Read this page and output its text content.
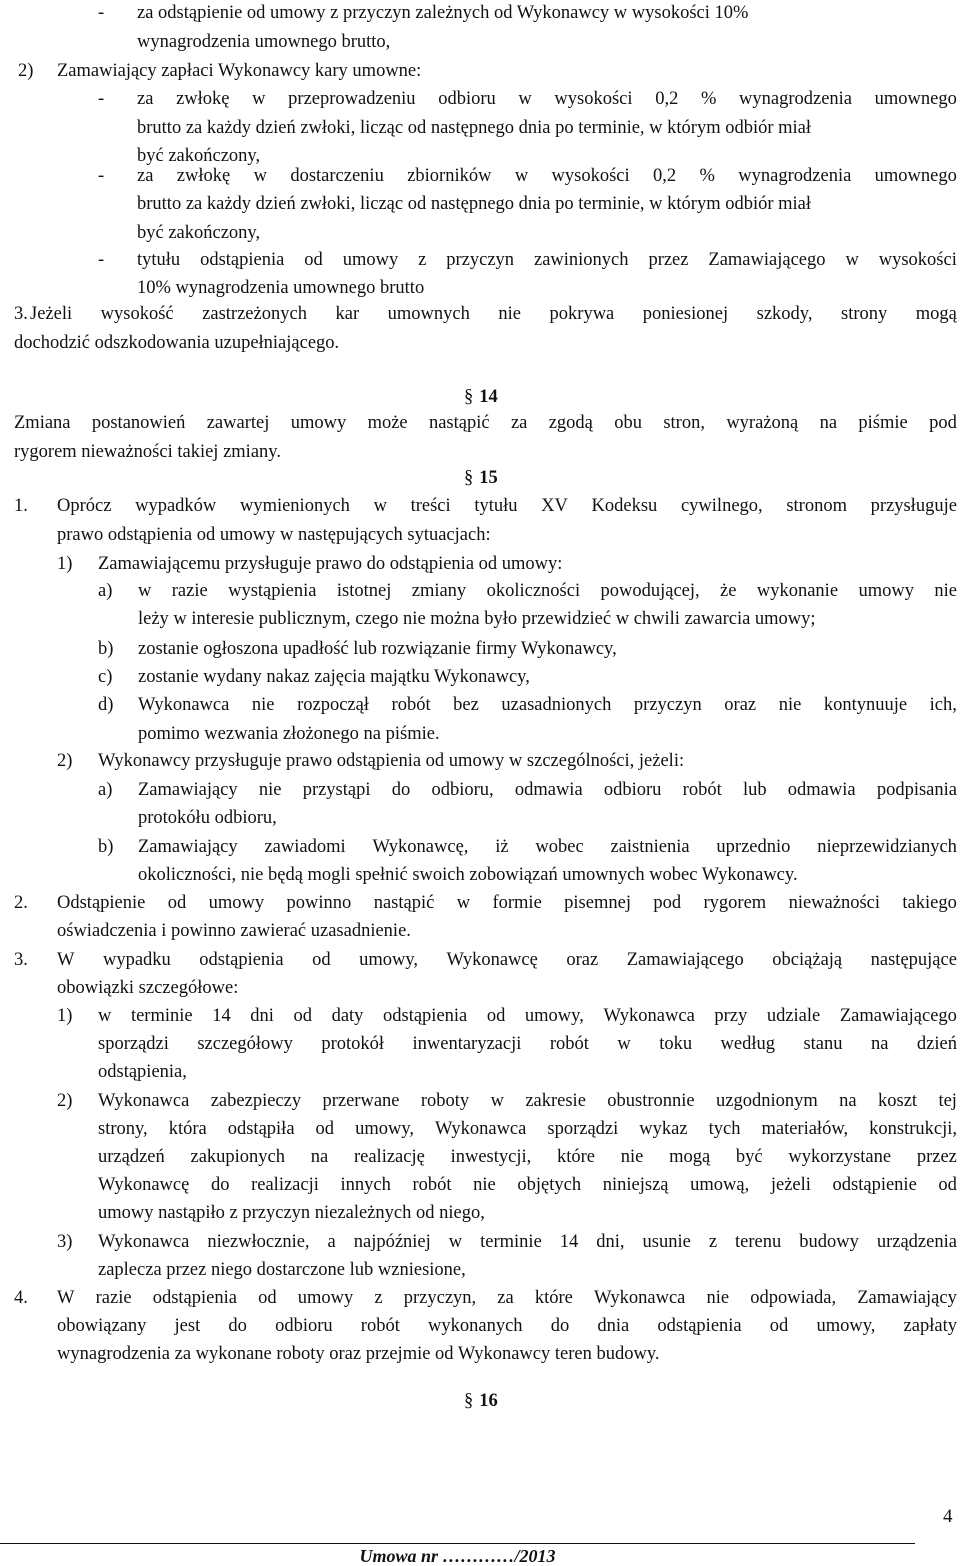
- za odstąpienie od umowy z przyczyn zależnych od Wykonawcy w wysokości 10%
wynagrodzenia umownego brutto,
2) Zamawiający zapłaci Wykonawcy kary umowne:
- za zwłokę w przeprowadzeniu odbioru w wysokości 0,2 % wynagrodzenia umownego
brutto za każdy dzień zwłoki, licząc od następnego dnia po terminie, w którym odbiór miał
być zakończony,
- za zwłokę w dostarczeniu zbiorników w wysokości 0,2 % wynagrodzenia umownego
brutto za każdy dzień zwłoki, licząc od następnego dnia po terminie, w którym odbiór miał
być zakończony,
- tytułu odstąpienia od umowy z przyczyn zawinionych przez Zamawiającego w wysokości
10% wynagrodzenia umownego brutto
3. Jeżeli wysokość zastrzeżonych kar umownych nie pokrywa poniesionej szkody, strony mogą
dochodzić odszkodowania uzupełniającego.
§ 14
Zmiana postanowień zawartej umowy może nastąpić za zgodą obu stron, wyrażoną na piśmie pod
rygorem nieważności takiej zmiany.
§ 15
1. Oprócz wypadków wymienionych w treści tytułu XV Kodeksu cywilnego, stronom przysługuje
prawo odstąpienia od umowy w następujących sytuacjach:
1) Zamawiającemu przysługuje prawo do odstąpienia od umowy:
a) w razie wystąpienia istotnej zmiany okoliczności powodującej, że wykonanie umowy nie
leży w interesie publicznym, czego nie można było przewidzieć w chwili zawarcia umowy;
b) zostanie ogłoszona upadłość lub rozwiązanie firmy Wykonawcy,
c) zostanie wydany nakaz zajęcia majątku Wykonawcy,
d) Wykonawca nie rozpoczął robót bez uzasadnionych przyczyn oraz nie kontynuuje ich,
pomimo wezwania złożonego na piśmie.
2) Wykonawcy przysługuje prawo odstąpienia od umowy w szczególności, jeżeli:
a) Zamawiający nie przystąpi do odbioru, odmawia odbioru robót lub odmawia podpisania
protokółu odbioru,
b) Zamawiający zawiadomi Wykonawcę, iż wobec zaistnienia uprzednio nieprzewidzianych
okoliczności, nie będą mogli spełnić swoich zobowiązań umownych wobec Wykonawcy.
2. Odstąpienie od umowy powinno nastąpić w formie pisemnej pod rygorem nieważności takiego
oświadczenia i powinno zawierać uzasadnienie.
3. W wypadku odstąpienia od umowy, Wykonawcę oraz Zamawiającego obciążają następujące
obowiązki szczegółowe:
1) w terminie 14 dni od daty odstąpienia od umowy, Wykonawca przy udziale Zamawiającego
sporządzi szczegółowy protokół inwentaryzacji robót w toku według stanu na dzień
odstąpienia,
2) Wykonawca zabezpieczy przerwane roboty w zakresie obustronnie uzgodnionym na koszt tej
strony, która odstąpiła od umowy, Wykonawca sporządzi wykaz tych materiałów, konstrukcji,
urządzeń zakupionych na realizację inwestycji, które nie mogą być wykorzystane przez
Wykonawcę do realizacji innych robót nie objętych niniejszą umową, jeżeli odstąpienie od
umowy nastąpiło z przyczyn niezależnych od niego,
3) Wykonawca niezwłocznie, a najpóźniej w terminie 14 dni, usunie z terenu budowy urządzenia
zaplecza przez niego dostarczone lub wzniesione,
4. W razie odstąpienia od umowy z przyczyn, za które Wykonawca nie odpowiada, Zamawiający
obowiązany jest do odbioru robót wykonanych do dnia odstąpienia od umowy, zapłaty
wynagrodzenia za wykonane roboty oraz przejmie od Wykonawcy teren budowy.
§ 16
4
Umowa nr …………/2013
